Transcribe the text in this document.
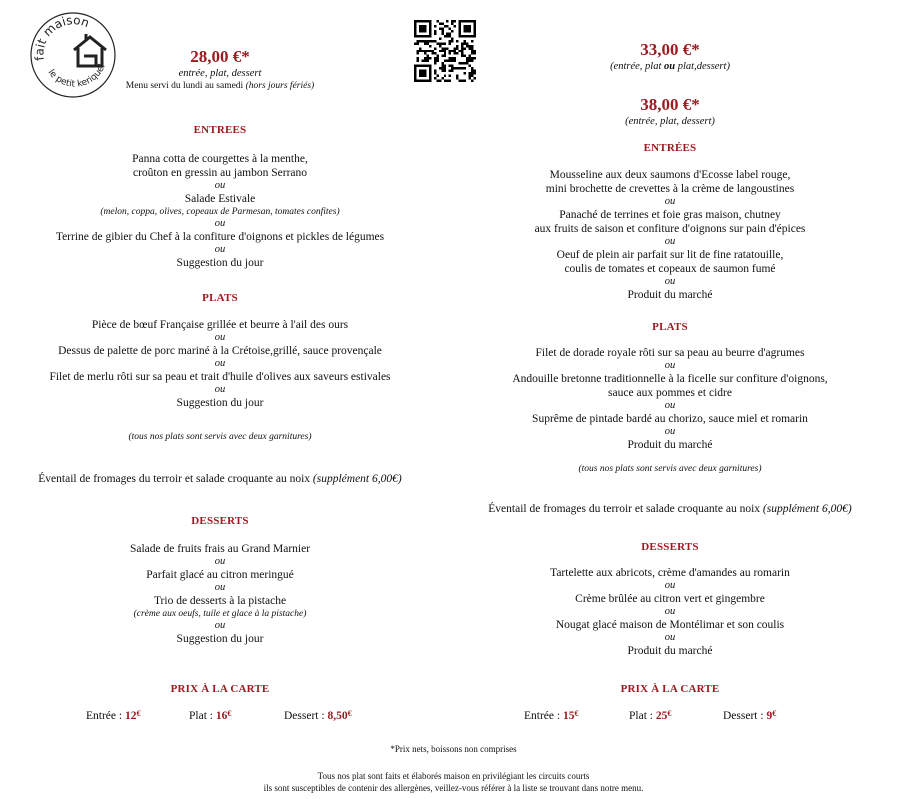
fait maison
le petit keriquel	28,00 €*
entrée, plat, dessert
Menu servi du lundi au samedi (hors jours fériés)
ENTREES
Panna cotta de courgettes à la menthe,
croûton en gressin au jambon Serrano
ou
Salade Estivale
(melon, coppa, olives, copeaux de Parmesan, tomates confites)
ou
Terrine de gibier du Chef à la confiture d'oignons et pickles de légumes
ou
Suggestion du jour
PLATS
Pièce de bœuf Française grillée et beurre à l'ail des ours
ou
Dessus de palette de porc mariné à la Crétoise,grillé, sauce provençale
ou
Filet de merlu rôti sur sa peau et trait d'huile d'olives aux saveurs estivales
ou
Suggestion du jour
(tous nos plats sont servis avec deux garnitures)
Éventail de fromages du terroir et salade croquante au noix (supplément 6,00€)
DESSERTS
Salade de fruits frais au Grand Marnier
ou
Parfait glacé au citron meringué
ou
Trio de desserts à la pistache
(crème aux oeufs, tuile et glace à la pistache)
ou
Suggestion du jour
PRIX À LA CARTE
Entrée : 12€	Plat : 16€	Dessert : 8,50€
33,00 €*
(entrée, plat ou plat,dessert)
38,00 €*
(entrée, plat, dessert)
ENTRÉES
Mousseline aux deux saumons d'Ecosse label rouge,
mini brochette de crevettes à la crème de langoustines
ou
Panaché de terrines et foie gras maison, chutney
aux fruits de saison et confiture d'oignons sur pain d'épices
ou
Oeuf de plein air parfait sur lit de fine ratatouille,
coulis de tomates et copeaux de saumon fumé
ou
Produit du marché
PLATS
Filet de dorade royale rôti sur sa peau au beurre d'agrumes
ou
Andouille bretonne traditionnelle à la ficelle sur confiture d'oignons,
sauce aux pommes et cidre
ou
Suprême de pintade bardé au chorizo, sauce miel et romarin
ou
Produit du marché
(tous nos plats sont servis avec deux garnitures)
Éventail de fromages du terroir et salade croquante au noix (supplément 6,00€)
DESSERTS
Tartelette aux abricots, crème d'amandes au romarin
ou
Crème brûlée au citron vert et gingembre
ou
Nougat glacé maison de Montélimar et son coulis
ou
Produit du marché
PRIX À LA CARTE
Entrée : 15€	Plat : 25€	Dessert : 9€
*Prix nets, boissons non comprises
Tous nos plat sont faits et élaborés maison en privilégiant les circuits courts
ils sont susceptibles de contenir des allergènes, veillez-vous référer à la liste se trouvant dans notre menu.
